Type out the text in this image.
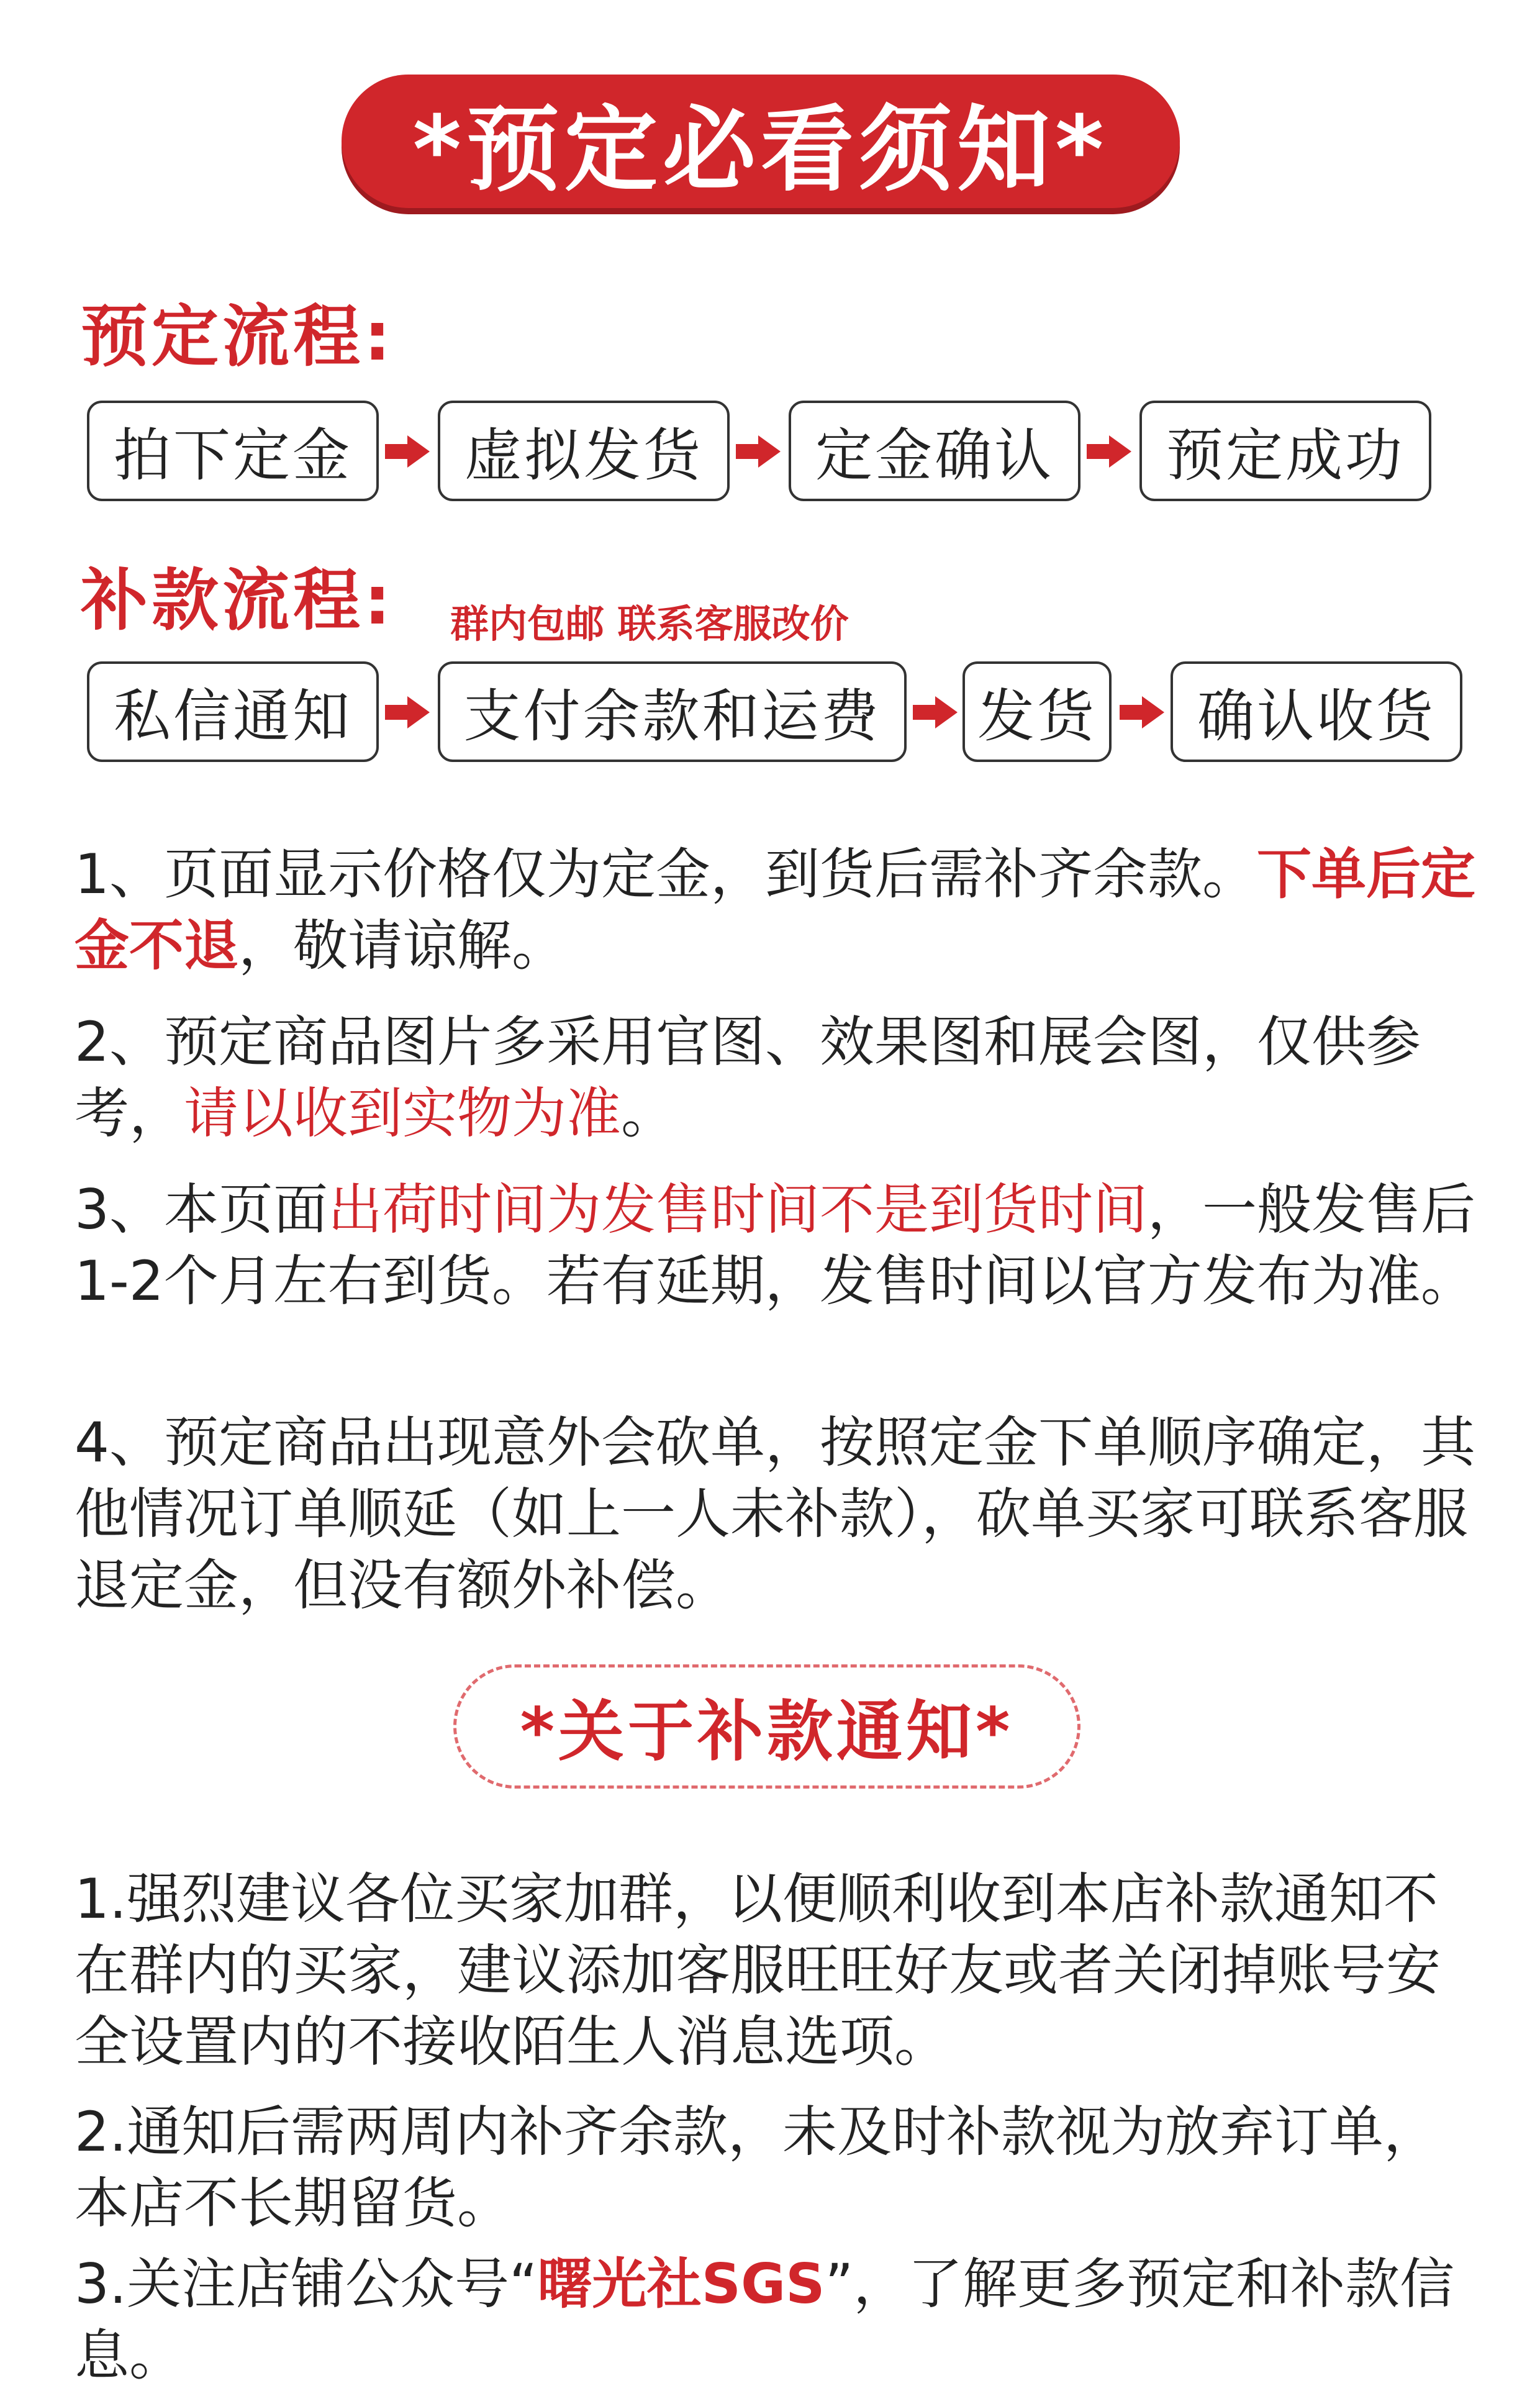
*预定必看须知*
预定流程:
拍下定金	虚拟发货	定金确认	预定成功
补款流程: 群内包邮 联系客服改价
私信通知	支付余款和运费	发货	确认收货
1、页面显示价格仅为定金，到货后需补齐余款。下单后定金不退，敬请谅解。
2、预定商品图片多采用官图、效果图和展会图，仅供参考，请以收到实物为准。
3、本页面出荷时间为发售时间不是到货时间，一般发售后1-2个月左右到货。若有延期，发售时间以官方发布为准。
4、预定商品出现意外会砍单，按照定金下单顺序确定，其他情况订单顺延（如上一人未补款），砍单买家可联系客服退定金，但没有额外补偿。
*关于补款通知*
1.强烈建议各位买家加群，以便顺利收到本店补款通知不在群内的买家，建议添加客服旺旺好友或者关闭掉账号安全设置内的不接收陌生人消息选项。
2.通知后需两周内补齐余款，未及时补款视为放弃订单，本店不长期留货。
3.关注店铺公众号“曙光社SGS”，了解更多预定和补款信息。
